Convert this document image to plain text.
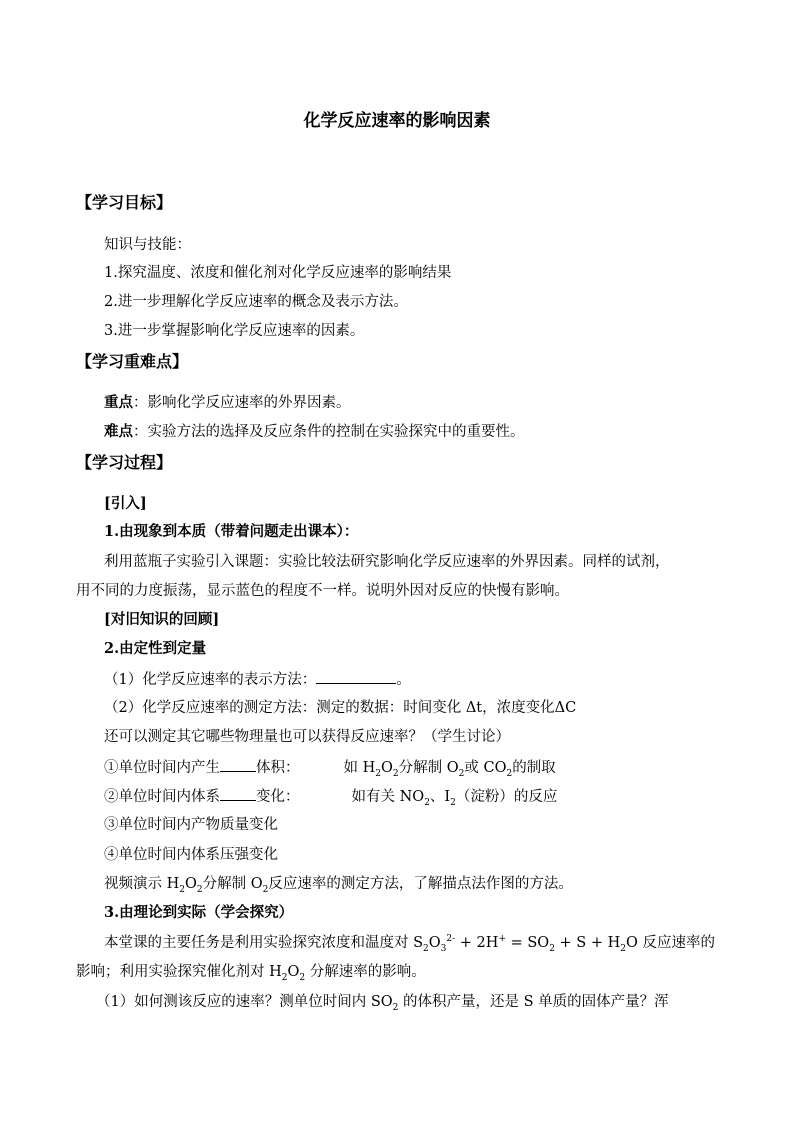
化学反应速率的影响因素
【学习目标】
知识与技能：
1.探究温度、浓度和催化剂对化学反应速率的影响结果
2.进一步理解化学反应速率的概念及表示方法。
3.进一步掌握影响化学反应速率的因素。
【学习重难点】
重点：影响化学反应速率的外界因素。
难点：实验方法的选择及反应条件的控制在实验探究中的重要性。
【学习过程】
[引入]
1.由现象到本质（带着问题走出课本）：
利用蓝瓶子实验引入课题：实验比较法研究影响化学反应速率的外界因素。同样的试剂，
用不同的力度振荡，显示蓝色的程度不一样。说明外因对反应的快慢有影响。
[对旧知识的回顾]
2.由定性到定量
（1）化学反应速率的表示方法：	。
（2）化学反应速率的测定方法：测定的数据：时间变化 Δt，浓度变化ΔC
还可以测定其它哪些物理量也可以获得反应速率？（学生讨论）
①单位时间内产生 体积：	如 $H_2O_2$分解制 $O_2$或 $CO_2$的制取
②单位时间内体系 变化：	如有关 $NO_2$、$I_2$（淀粉）的反应
③单位时间内产物质量变化
④单位时间内体系压强变化
视频演示 $H_2O_2$分解制 $O_2$反应速率的测定方法，了解描点法作图的方法。
3.由理论到实际（学会探究）
本堂课的主要任务是利用实验探究浓度和温度对 $S_2O_3^{2-} + 2H^+ = SO_2 + S + H_2O$ 反应速率的
影响；利用实验探究催化剂对 $H_2O_2$ 分解速率的影响。
（1）如何测该反应的速率？测单位时间内 $SO_2$ 的体积产量，还是 S 单质的固体产量？浑
